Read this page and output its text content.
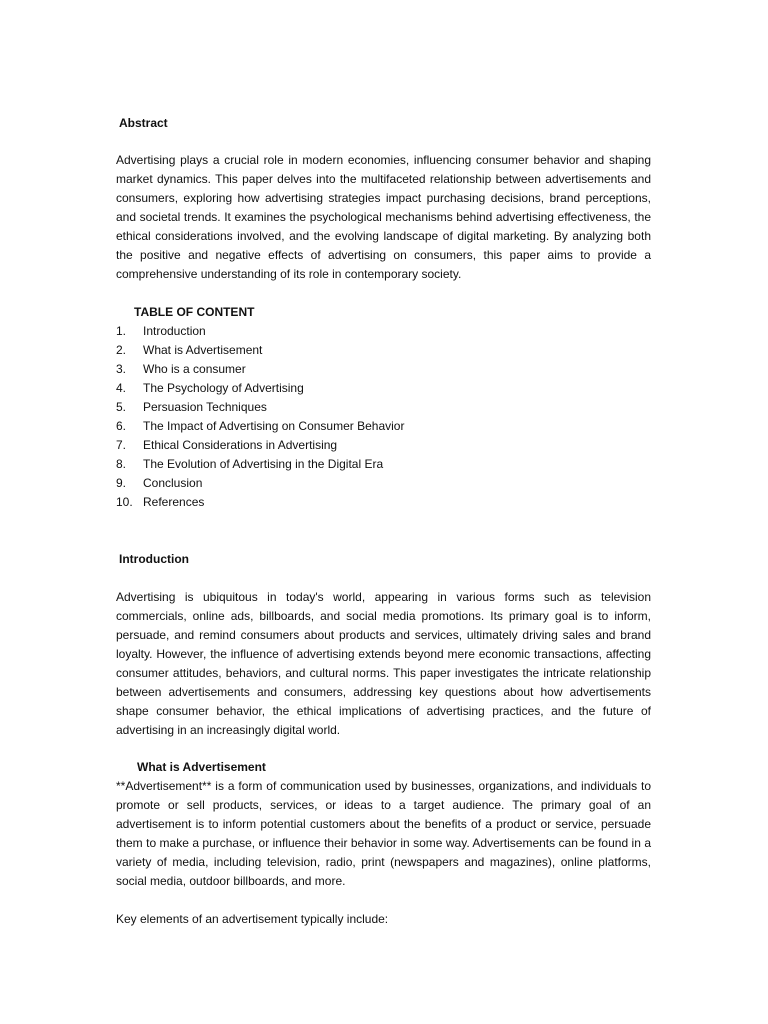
Abstract

Advertising plays a crucial role in modern economies, influencing consumer behavior and shaping market dynamics. This paper delves into the multifaceted relationship between advertisements and consumers, exploring how advertising strategies impact purchasing decisions, brand perceptions, and societal trends. It examines the psychological mechanisms behind advertising effectiveness, the ethical considerations involved, and the evolving landscape of digital marketing. By analyzing both the positive and negative effects of advertising on consumers, this paper aims to provide a comprehensive understanding of its role in contemporary society.

TABLE OF CONTENT
1. Introduction
2. What is Advertisement
3. Who is a consumer
4. The Psychology of Advertising
5. Persuasion Techniques
6. The Impact of Advertising on Consumer Behavior
7. Ethical Considerations in Advertising
8. The Evolution of Advertising in the Digital Era
9. Conclusion
10. References
Introduction

Advertising is ubiquitous in today's world, appearing in various forms such as television commercials, online ads, billboards, and social media promotions. Its primary goal is to inform, persuade, and remind consumers about products and services, ultimately driving sales and brand loyalty. However, the influence of advertising extends beyond mere economic transactions, affecting consumer attitudes, behaviors, and cultural norms. This paper investigates the intricate relationship between advertisements and consumers, addressing key questions about how advertisements shape consumer behavior, the ethical implications of advertising practices, and the future of advertising in an increasingly digital world.

What is Advertisement

**Advertisement** is a form of communication used by businesses, organizations, and individuals to promote or sell products, services, or ideas to a target audience. The primary goal of an advertisement is to inform potential customers about the benefits of a product or service, persuade them to make a purchase, or influence their behavior in some way. Advertisements can be found in a variety of media, including television, radio, print (newspapers and magazines), online platforms, social media, outdoor billboards, and more.

Key elements of an advertisement typically include:
